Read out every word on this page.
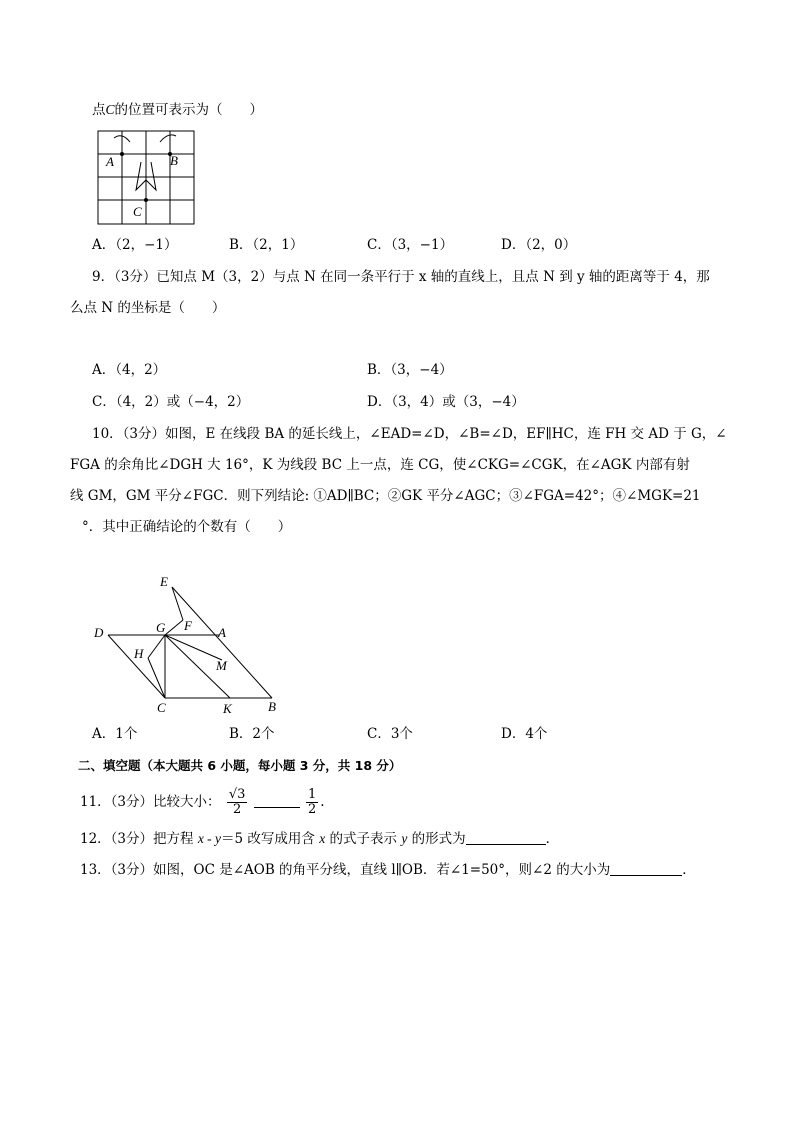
点C的位置可表示为（　　）
A	B
C
A．（2，−1）	B．（2，1）	C．（3，−1）	D．（2，0）
9．（3分）已知点 M（3，2）与点 N 在同一条平行于 x 轴的直线上，且点 N 到 y 轴的距离等于 4，那
么点 N 的坐标是（　　）
A．（4，2）	B．（3，−4）
C．（4，2）或（−4，2）	D．（3，4）或（3，−4）
10．（3分）如图，E 在线段 BA 的延长线上，∠EAD=∠D，∠B=∠D，EF∥HC，连 FH 交 AD 于 G，∠
FGA 的余角比∠DGH 大 16°，K 为线段 BC 上一点，连 CG，使∠CKG=∠CGK，在∠AGK 内部有射
线 GM，GM 平分∠FGC．则下列结论: ①AD∥BC；②GK 平分∠AGC；③∠FGA=42°；④∠MGK=21
°．其中正确结论的个数有（　　）
E
D	G F A
H
M
C	K	B
A．1个	B．2个	C．3个	D．4个
二、填空题（本大题共 6 小题，每小题 3 分，共 18 分）
11．（3分）比较大小： $\frac{√3}{2}$
	$\frac{1}{2}$ .
12．（3分）把方程 x - y＝5 改写成用含 x 的式子表示 y 的形式为	．
13．（3分）如图，OC 是∠AOB 的角平分线，直线 l∥OB．若∠1=50°，则∠2 的大小为	．
